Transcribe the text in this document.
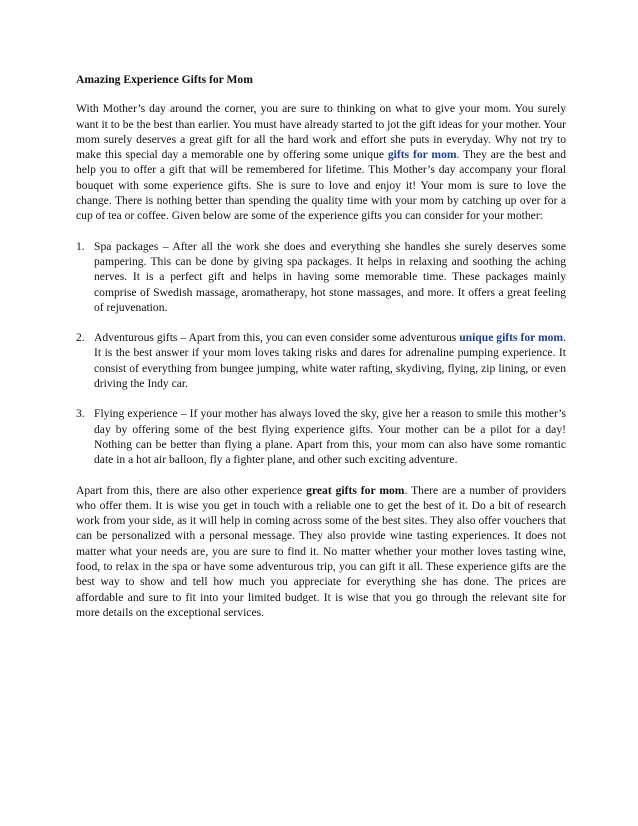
Amazing Experience Gifts for Mom

With Mother’s day around the corner, you are sure to thinking on what to give your mom. You surely want it to be the best than earlier. You must have already started to jot the gift ideas for your mother. Your mom surely deserves a great gift for all the hard work and effort she puts in everyday. Why not try to make this special day a memorable one by offering some unique gifts for mom. They are the best and help you to offer a gift that will be remembered for lifetime. This Mother’s day accompany your floral bouquet with some experience gifts. She is sure to love and enjoy it! Your mom is sure to love the change. There is nothing better than spending the quality time with your mom by catching up over for a cup of tea or coffee. Given below are some of the experience gifts you can consider for your mother:

1. Spa packages – After all the work she does and everything she handles she surely deserves some pampering. This can be done by giving spa packages. It helps in relaxing and soothing the aching nerves. It is a perfect gift and helps in having some memorable time. These packages mainly comprise of Swedish massage, aromatherapy, hot stone massages, and more. It offers a great feeling of rejuvenation.
2. Adventurous gifts – Apart from this, you can even consider some adventurous unique gifts for mom. It is the best answer if your mom loves taking risks and dares for adrenaline pumping experience. It consist of everything from bungee jumping, white water rafting, skydiving, flying, zip lining, or even driving the Indy car.
3. Flying experience – If your mother has always loved the sky, give her a reason to smile this mother’s day by offering some of the best flying experience gifts. Your mother can be a pilot for a day! Nothing can be better than flying a plane. Apart from this, your mom can also have some romantic date in a hot air balloon, fly a fighter plane, and other such exciting adventure.

Apart from this, there are also other experience great gifts for mom. There are a number of providers who offer them. It is wise you get in touch with a reliable one to get the best of it. Do a bit of research work from your side, as it will help in coming across some of the best sites. They also offer vouchers that can be personalized with a personal message. They also provide wine tasting experiences. It does not matter what your needs are, you are sure to find it. No matter whether your mother loves tasting wine, food, to relax in the spa or have some adventurous trip, you can gift it all. These experience gifts are the best way to show and tell how much you appreciate for everything she has done. The prices are affordable and sure to fit into your limited budget. It is wise that you go through the relevant site for more details on the exceptional services.
